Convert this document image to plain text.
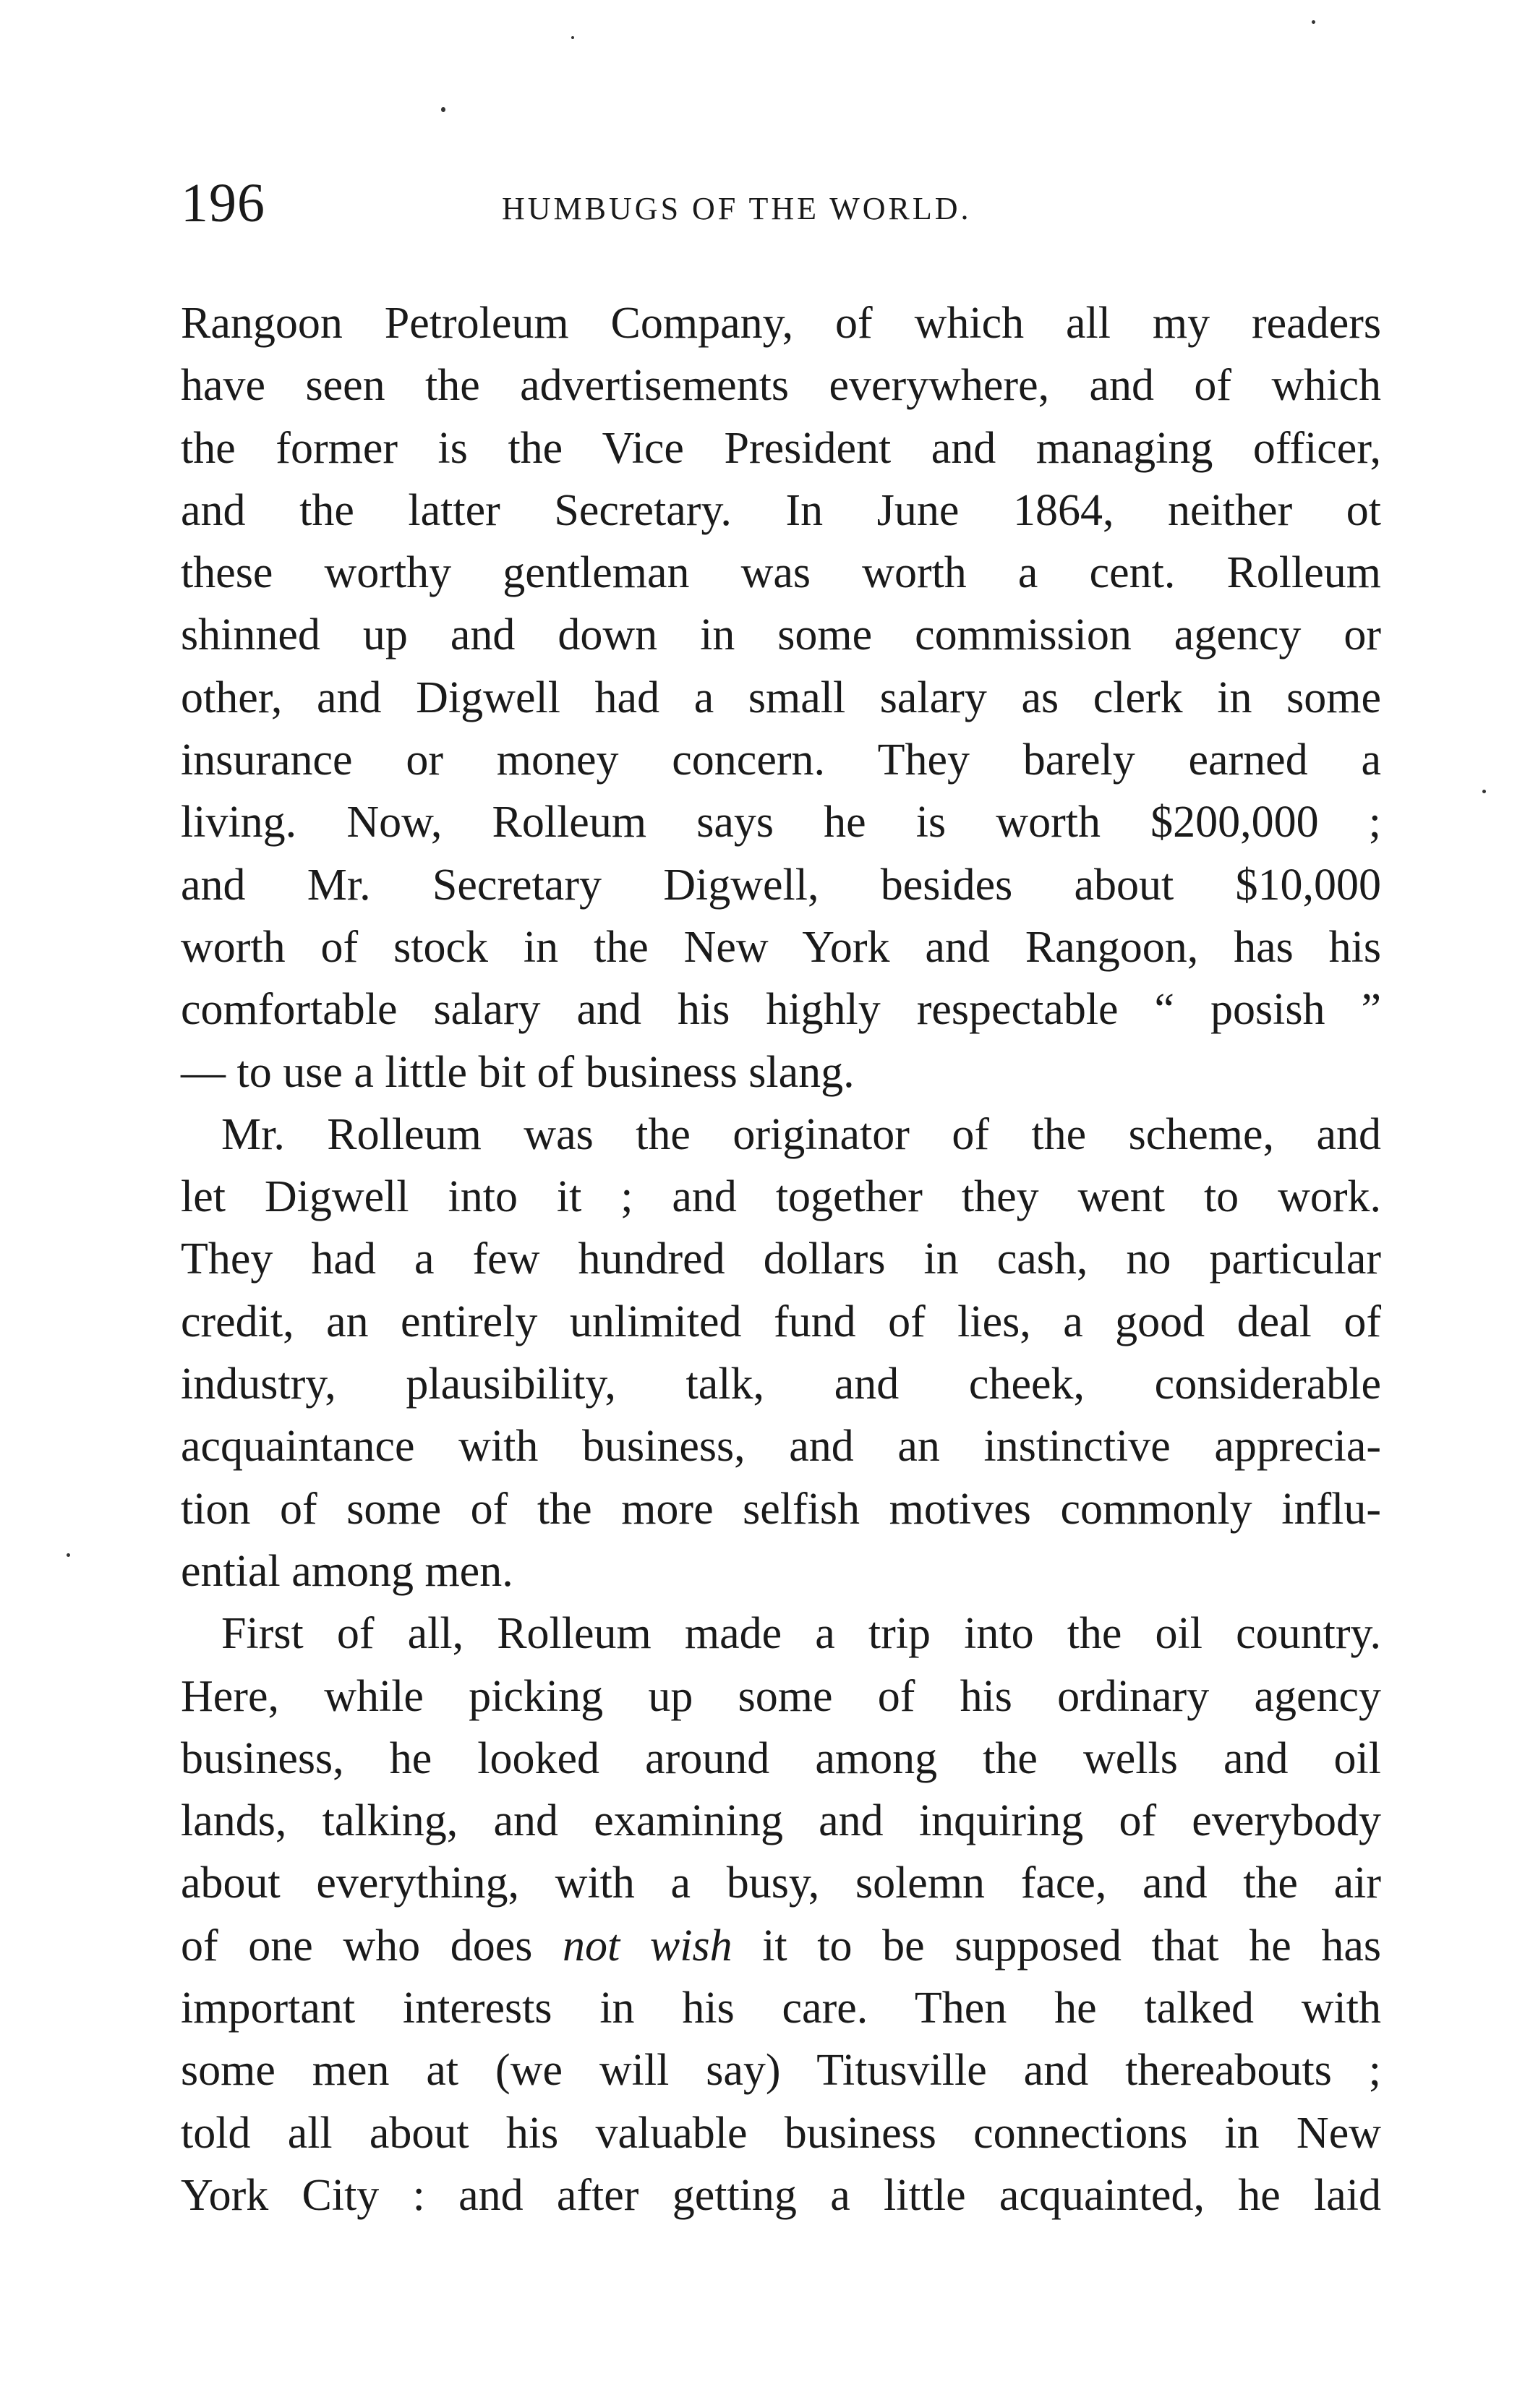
196	HUMBUGS OF THE WORLD.
Rangoon Petroleum Company, of which all my readers
have seen the advertisements everywhere, and of which
the former is the Vice President and managing officer,
and the latter Secretary. In June 1864, neither ot
these worthy gentleman was worth a cent. Rolleum
shinned up and down in some commission agency or
other, and Digwell had a small salary as clerk in some
insurance or money concern. They barely earned a
living. Now, Rolleum says he is worth $200,000 ;
and Mr. Secretary Digwell, besides about $10,000
worth of stock in the New York and Rangoon, has his
comfortable salary and his highly respectable “ posish ”
— to use a little bit of business slang.
Mr. Rolleum was the originator of the scheme, and
let Digwell into it ; and together they went to work.
They had a few hundred dollars in cash, no particular
credit, an entirely unlimited fund of lies, a good deal of
industry, plausibility, talk, and cheek, considerable
acquaintance with business, and an instinctive apprecia-
tion of some of the more selfish motives commonly influ-
ential among men.
First of all, Rolleum made a trip into the oil country.
Here, while picking up some of his ordinary agency
business, he looked around among the wells and oil
lands, talking, and examining and inquiring of everybody
about everything, with a busy, solemn face, and the air
of one who does not wish it to be supposed that he has
important interests in his care. Then he talked with
some men at (we will say) Titusville and thereabouts ;
told all about his valuable business connections in New
York City : and after getting a little acquainted, he laid
